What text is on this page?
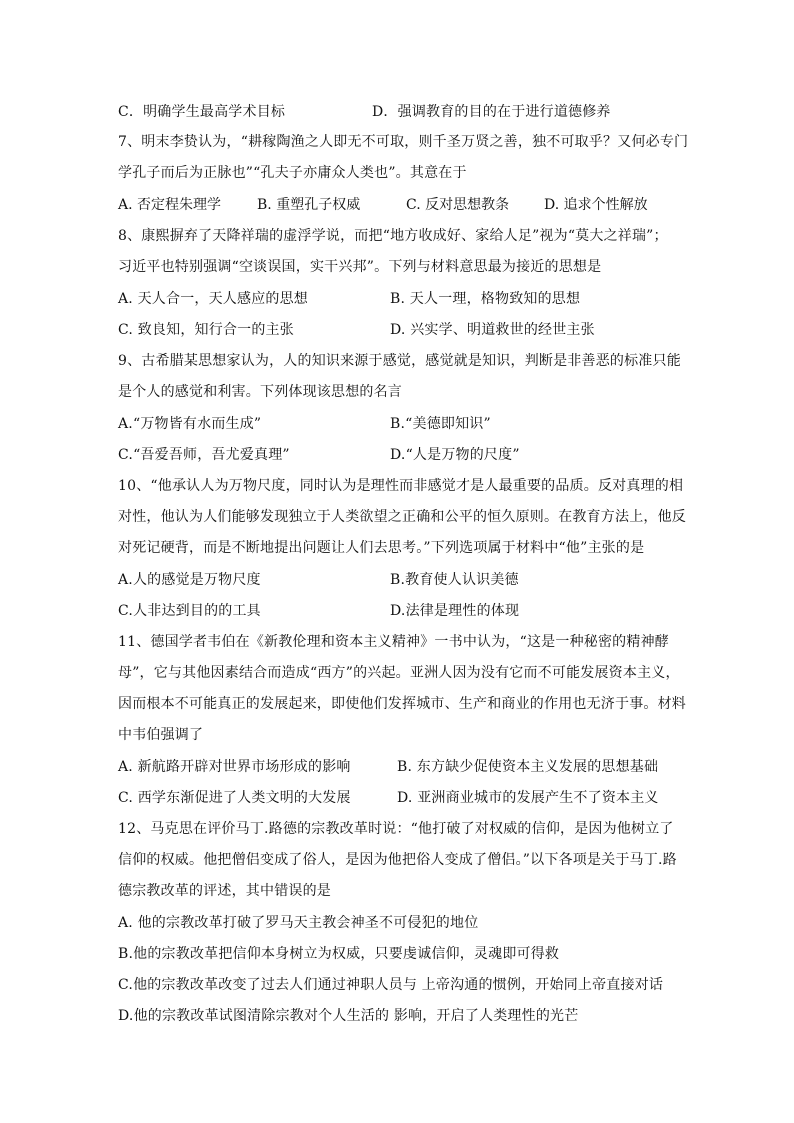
C．明确学生最高学术目标	D．强调教育的目的在于进行道德修养
7、明末李贽认为，“耕稼陶渔之人即无不可取，则千圣万贤之善，独不可取乎？又何必专门
学孔子而后为正脉也”“孔夫子亦庸众人类也”。其意在于
A. 否定程朱理学	B. 重塑孔子权威	C. 反对思想教条 D. 追求个性解放
8、康熙摒弃了天降祥瑞的虚浮学说，而把“地方收成好、家给人足”视为“莫大之祥瑞”；
习近平也特别强调“空谈误国，实干兴邦”。下列与材料意思最为接近的思想是
A. 天人合一，天人感应的思想	B. 天人一理，格物致知的思想
C. 致良知，知行合一的主张	D. 兴实学、明道救世的经世主张
9、古希腊某思想家认为，人的知识来源于感觉，感觉就是知识，判断是非善恶的标准只能
是个人的感觉和利害。下列体现该思想的名言
A.“万物皆有水而生成”	B.“美德即知识”
C.“吾爱吾师，吾尤爱真理”	D.“人是万物的尺度”
10、“他承认人为万物尺度，同时认为是理性而非感觉才是人最重要的品质。反对真理的相
对性，他认为人们能够发现独立于人类欲望之正确和公平的恒久原则。在教育方法上，他反
对死记硬背，而是不断地提出问题让人们去思考。”下列选项属于材料中“他”主张的是
A.人的感觉是万物尺度	B.教育使人认识美德
C.人非达到目的的工具	D.法律是理性的体现
11、德国学者韦伯在《新教伦理和资本主义精神》一书中认为，“这是一种秘密的精神酵
母”，它与其他因素结合而造成“西方”的兴起。亚洲人因为没有它而不可能发展资本主义，
因而根本不可能真正的发展起来，即使他们发挥城市、生产和商业的作用也无济于事。材料
中韦伯强调了
A. 新航路开辟对世界市场形成的影响	B. 东方缺少促使资本主义发展的思想基础
C. 西学东渐促进了人类文明的大发展	D. 亚洲商业城市的发展产生不了资本主义
12、马克思在评价马丁.路德的宗教改革时说：“他打破了对权威的信仰，是因为他树立了
信仰的权威。他把僧侣变成了俗人，是因为他把俗人变成了僧侣。”以下各项是关于马丁.路
德宗教改革的评述，其中错误的是
A. 他的宗教改革打破了罗马天主教会神圣不可侵犯的地位
B.他的宗教改革把信仰本身树立为权威，只要虔诚信仰，灵魂即可得救
C.他的宗教改革改变了过去人们通过神职人员与 上帝沟通的惯例，开始同上帝直接对话
D.他的宗教改革试图清除宗教对个人生活的 影响，开启了人类理性的光芒
